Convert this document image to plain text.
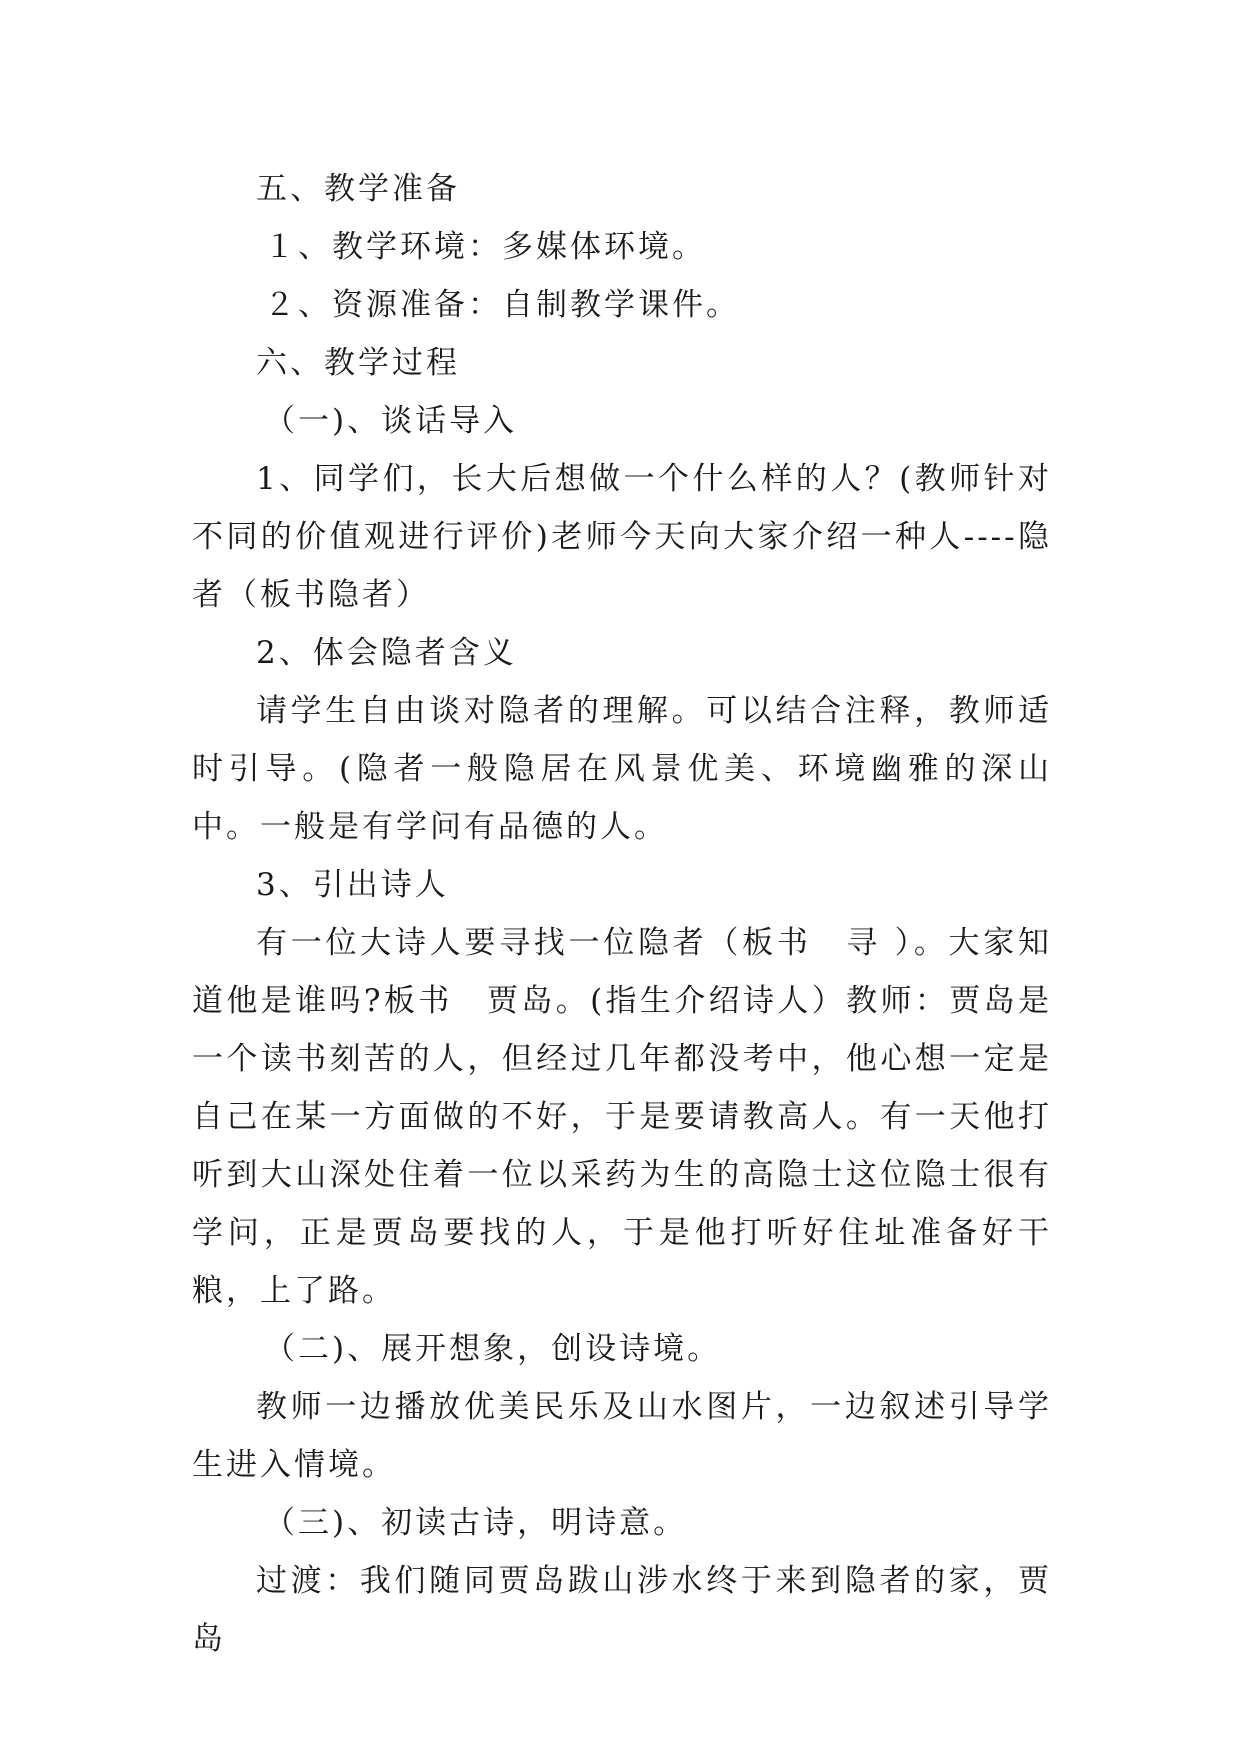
五、教学准备

１、教学环境：多媒体环境。

２、资源准备：自制教学课件。

六、教学过程

（一)、谈话导入

1、同学们，长大后想做一个什么样的人？(教师针对不同的价值观进行评价)老师今天向大家介绍一种人----隐者（板书隐者）

2、体会隐者含义

请学生自由谈对隐者的理解。可以结合注释，教师适时引导。(隐者一般隐居在风景优美、环境幽雅的深山中。一般是有学问有品德的人。

3、引出诗人

有一位大诗人要寻找一位隐者（板书　寻 ）。大家知道他是谁吗?板书　贾岛。(指生介绍诗人）教师：贾岛是一个读书刻苦的人，但经过几年都没考中，他心想一定是自己在某一方面做的不好，于是要请教高人。有一天他打听到大山深处住着一位以采药为生的高隐士这位隐士很有学问，正是贾岛要找的人，于是他打听好住址准备好干粮，上了路。

（二)、展开想象，创设诗境。

教师一边播放优美民乐及山水图片，一边叙述引导学生进入情境。

（三)、初读古诗，明诗意。

过渡：我们随同贾岛跋山涉水终于来到隐者的家，贾岛
